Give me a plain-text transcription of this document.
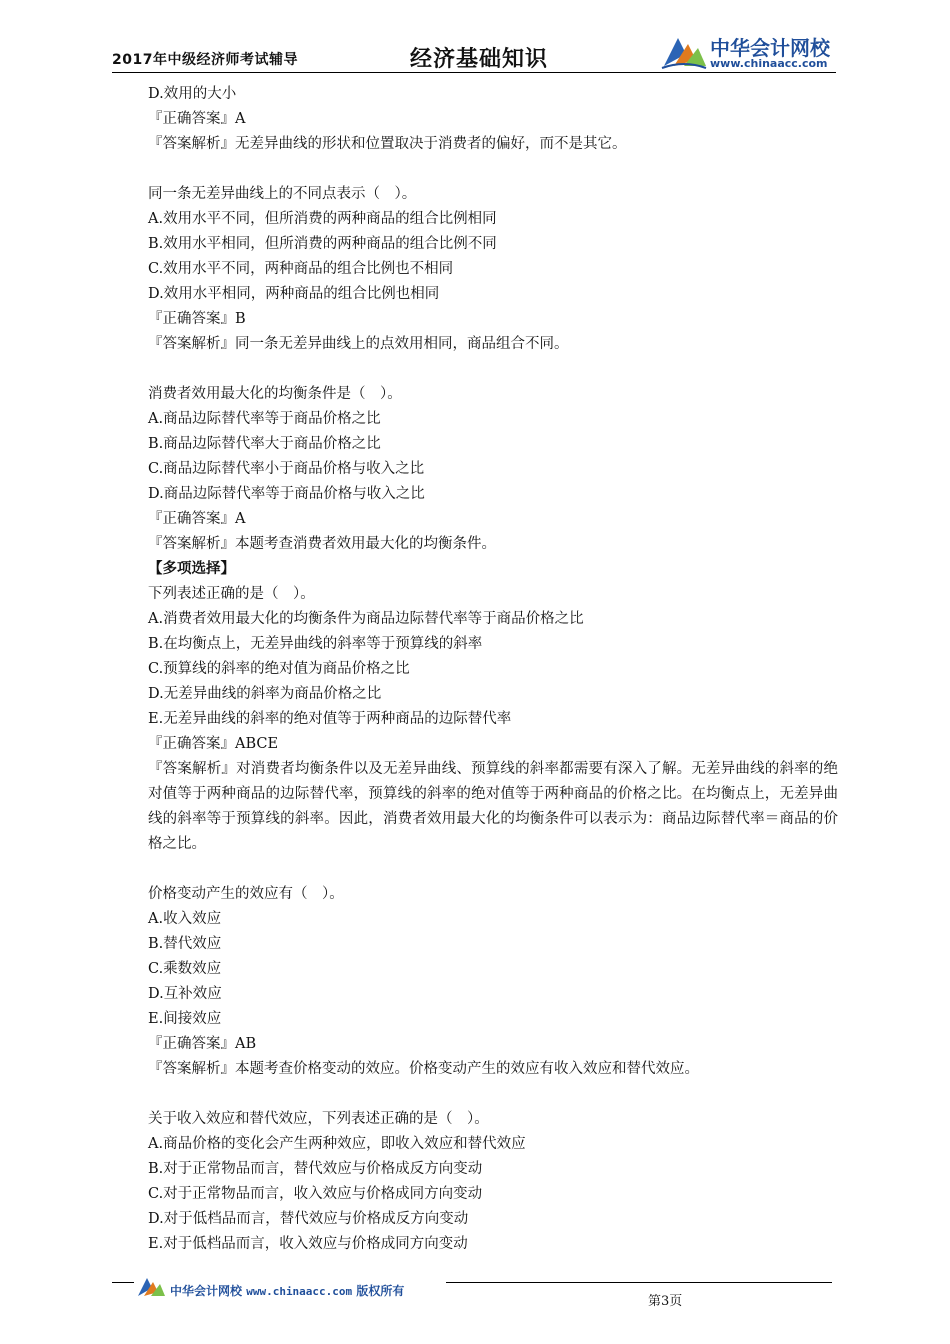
2017年中级经济师考试辅导	经济基础知识	中华会计网校
www.chinaacc.com
D.效用的大小
『正确答案』A
『答案解析』无差异曲线的形状和位置取决于消费者的偏好，而不是其它。
同一条无差异曲线上的不同点表示（　）。
A.效用水平不同，但所消费的两种商品的组合比例相同
B.效用水平相同，但所消费的两种商品的组合比例不同
C.效用水平不同，两种商品的组合比例也不相同
D.效用水平相同，两种商品的组合比例也相同
『正确答案』B
『答案解析』同一条无差异曲线上的点效用相同，商品组合不同。
消费者效用最大化的均衡条件是（　）。
A.商品边际替代率等于商品价格之比
B.商品边际替代率大于商品价格之比
C.商品边际替代率小于商品价格与收入之比
D.商品边际替代率等于商品价格与收入之比
『正确答案』A
『答案解析』本题考查消费者效用最大化的均衡条件。
【多项选择】
下列表述正确的是（　）。
A.消费者效用最大化的均衡条件为商品边际替代率等于商品价格之比
B.在均衡点上，无差异曲线的斜率等于预算线的斜率
C.预算线的斜率的绝对值为商品价格之比
D.无差异曲线的斜率为商品价格之比
E.无差异曲线的斜率的绝对值等于两种商品的边际替代率
『正确答案』ABCE
『答案解析』对消费者均衡条件以及无差异曲线、预算线的斜率都需要有深入了解。无差异曲线的斜率的绝对值等于两种商品的边际替代率，预算线的斜率的绝对值等于两种商品的价格之比。在均衡点上，无差异曲线的斜率等于预算线的斜率。因此，消费者效用最大化的均衡条件可以表示为：商品边际替代率＝商品的价格之比。
价格变动产生的效应有（　）。
A.收入效应
B.替代效应
C.乘数效应
D.互补效应
E.间接效应
『正确答案』AB
『答案解析』本题考查价格变动的效应。价格变动产生的效应有收入效应和替代效应。
关于收入效应和替代效应，下列表述正确的是（　）。
A.商品价格的变化会产生两种效应，即收入效应和替代效应
B.对于正常物品而言，替代效应与价格成反方向变动
C.对于正常物品而言，收入效应与价格成同方向变动
D.对于低档品而言，替代效应与价格成反方向变动
E.对于低档品而言，收入效应与价格成同方向变动
中华会计网校 www.chinaacc.com 版权所有
第3页
